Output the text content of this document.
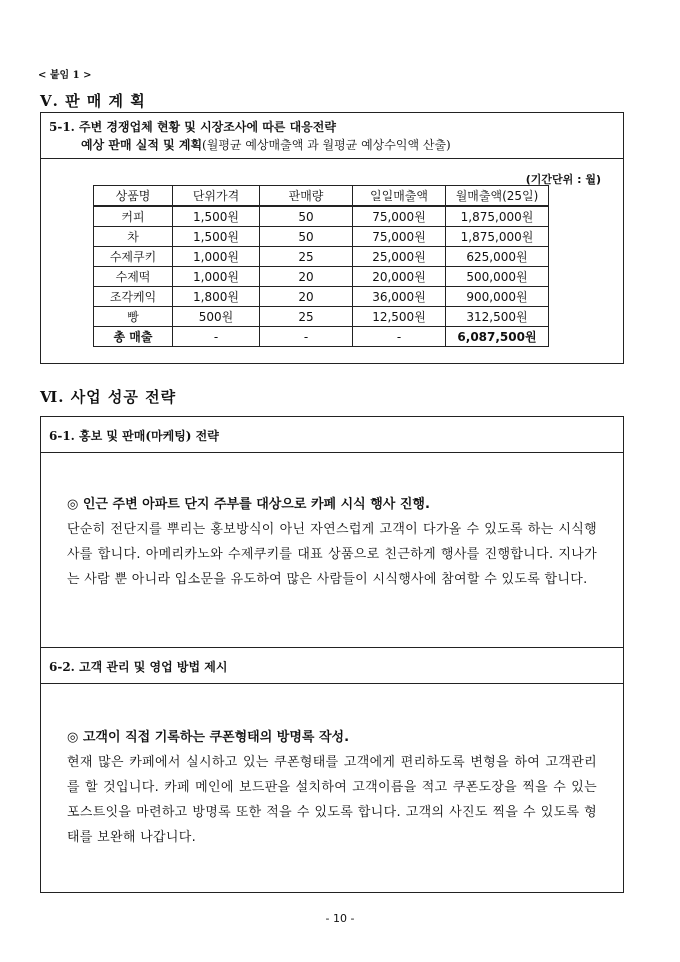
< 붙임 1 >
Ⅴ. 판 매 계 획
5-1. 주변 경쟁업체 현황 및 시장조사에 따른 대응전략
예상 판매 실적 및 계획(월평균 예상매출액 과 월평균 예상수익액 산출)
(기간단위 : 월)
상품명	단위가격	판매량	일일매출액	월매출액(25일)
커피	1,500원	50	75,000원	1,875,000원
차	1,500원	50	75,000원	1,875,000원
수제쿠키	1,000원	25	25,000원	625,000원
수제떡	1,000원	20	20,000원	500,000원
조각케익	1,800원	20	36,000원	900,000원
빵	500원	25	12,500원	312,500원
총 매출	-	-	-	6,087,500원
Ⅵ. 사업 성공 전략
6-1. 홍보 및 판매(마케팅) 전략
◎ 인근 주변 아파트 단지 주부를 대상으로 카페 시식 행사 진행.
단순히 전단지를 뿌리는 홍보방식이 아닌 자연스럽게 고객이 다가올 수 있도록 하는 시식행사를 합니다. 아메리카노와 수제쿠키를 대표 상품으로 친근하게 행사를 진행합니다. 지나가는 사람 뿐 아니라 입소문을 유도하여 많은 사람들이 시식행사에 참여할 수 있도록 합니다.
6-2. 고객 관리 및 영업 방법 제시
◎ 고객이 직접 기록하는 쿠폰형태의 방명록 작성.
현재 많은 카페에서 실시하고 있는 쿠폰형태를 고객에게 편리하도록 변형을 하여 고객관리를 할 것입니다. 카페 메인에 보드판을 설치하여 고객이름을 적고 쿠폰도장을 찍을 수 있는 포스트잇을 마련하고 방명록 또한 적을 수 있도록 합니다. 고객의 사진도 찍을 수 있도록 형태를 보완해 나갑니다.
- 10 -
